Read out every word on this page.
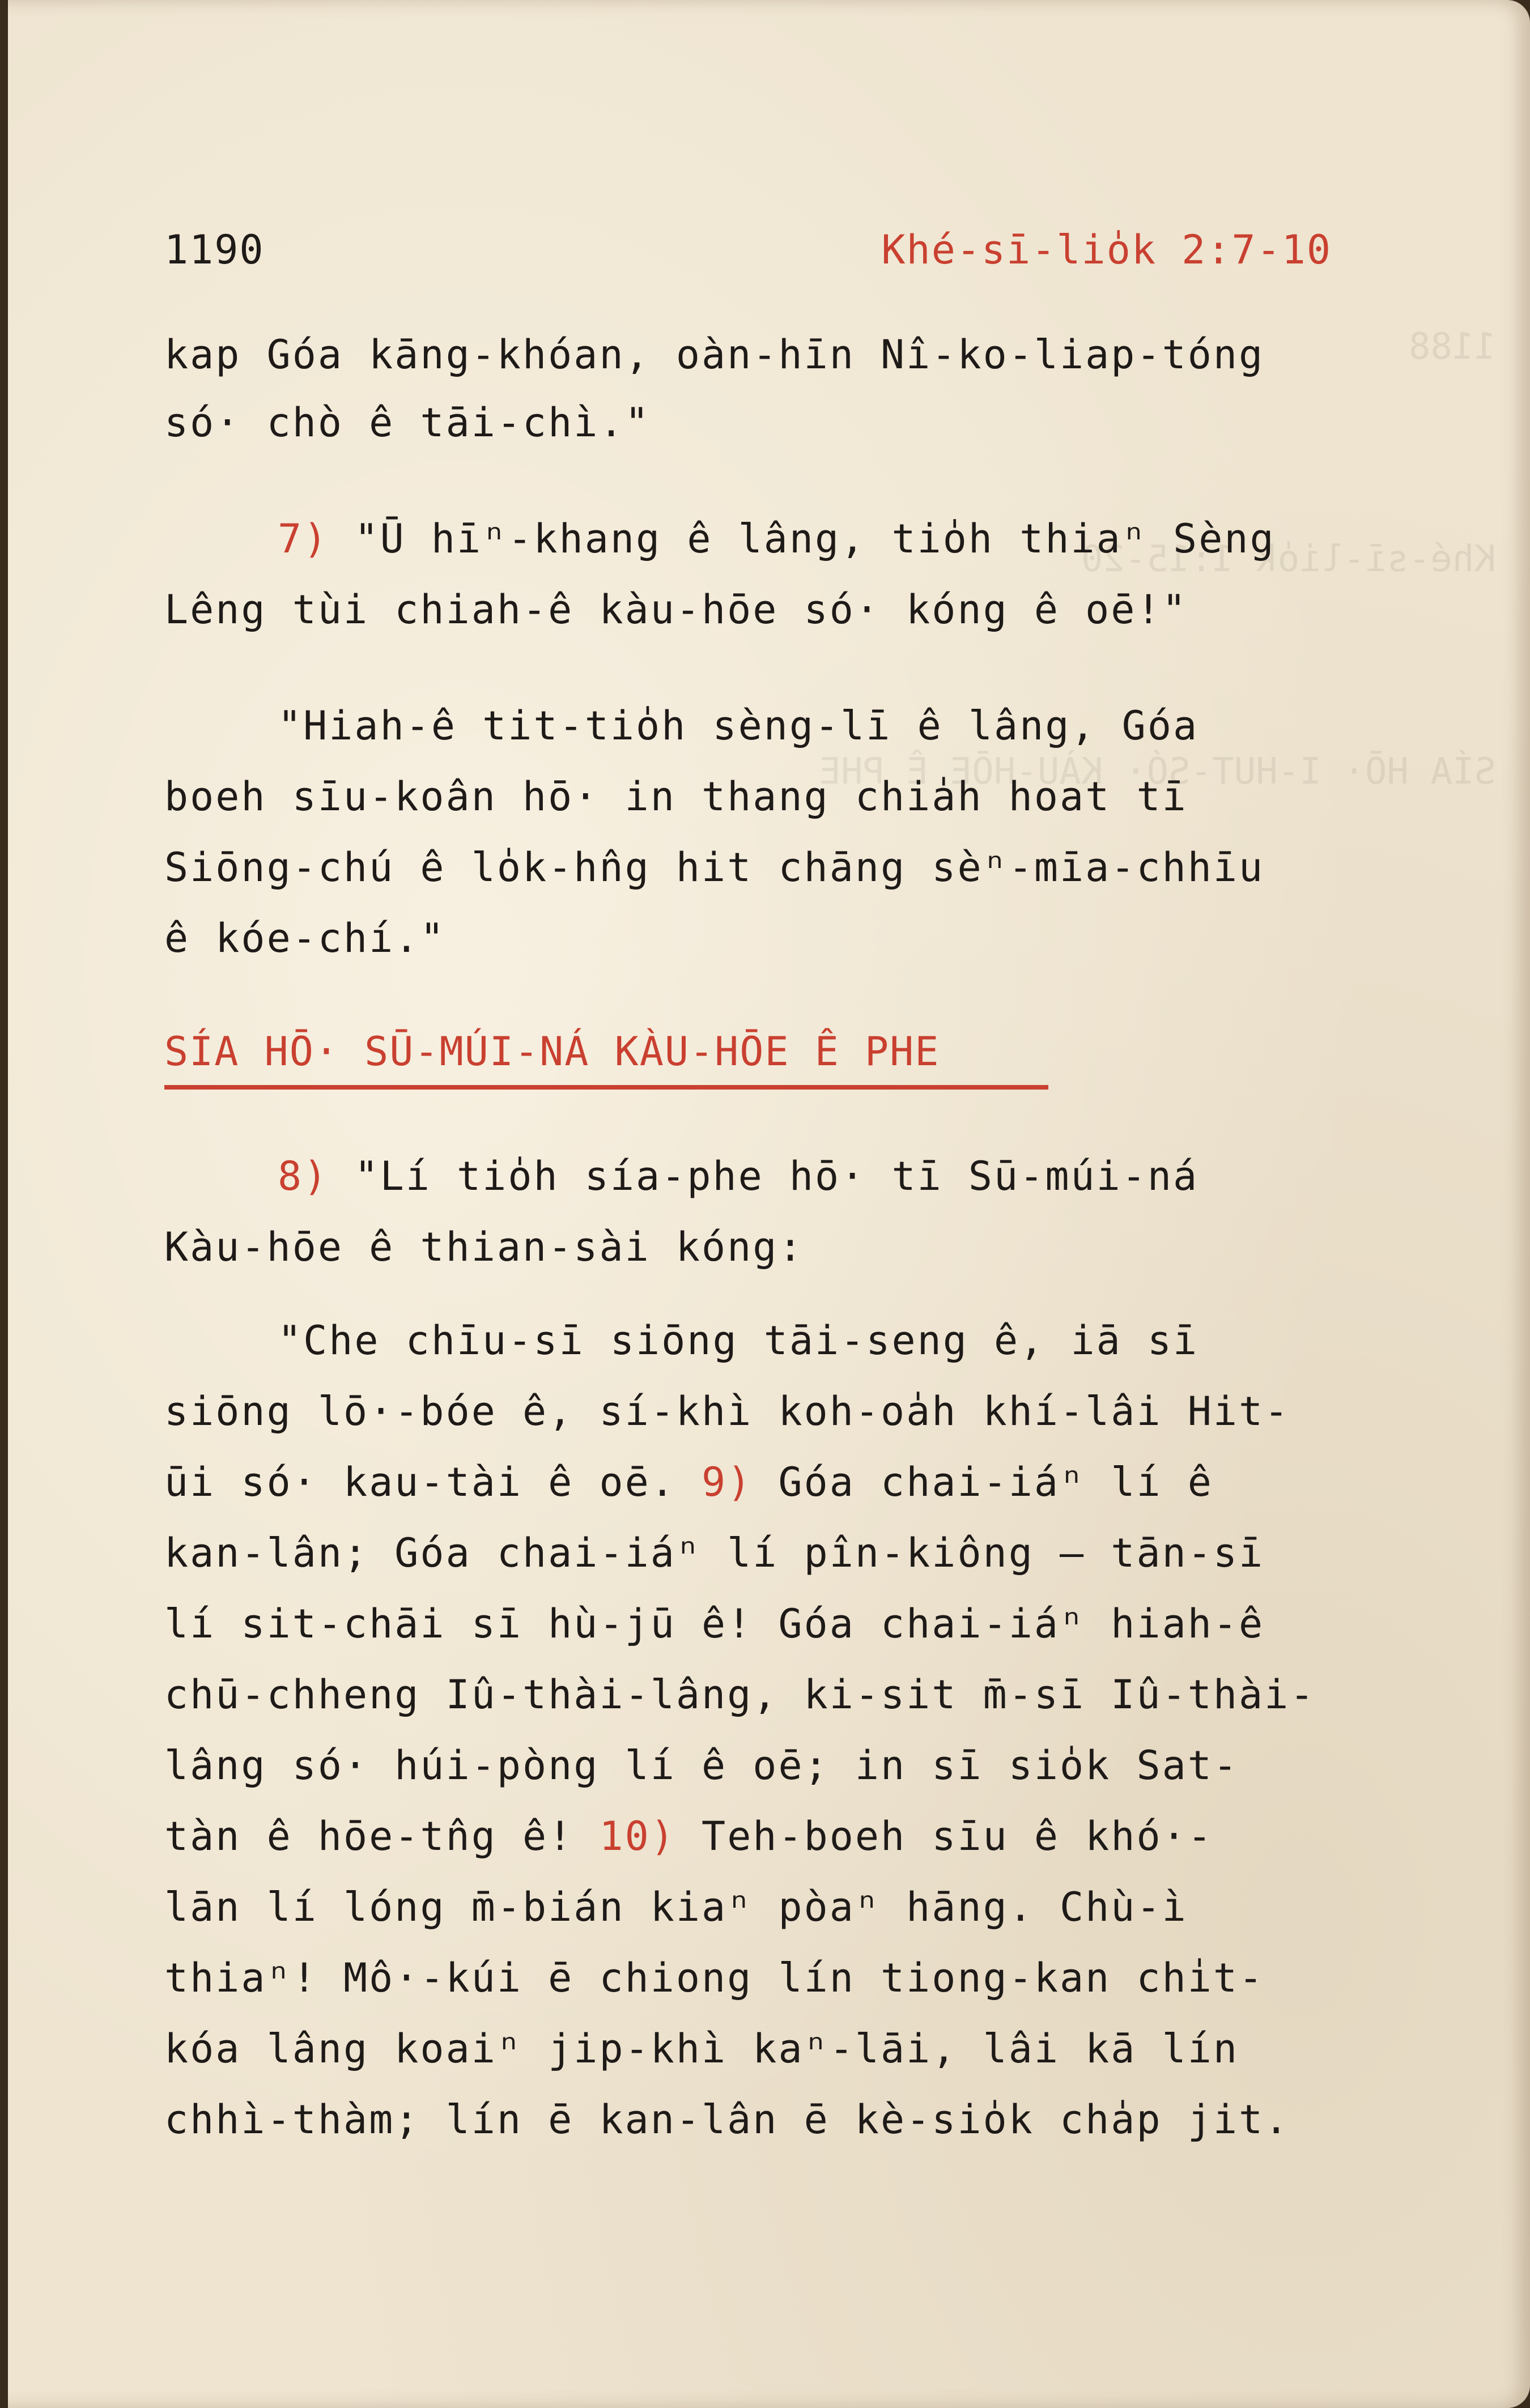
1188

Khé-sī-lio̍k 1:15-20

SÍA HŌ· I-HUT-SÓ· KÀU-HŌE Ê PHE

1190	Khé-sī-lio̍k 2:7-10
kap Góa kāng-khóan, oàn-hīn Nî-ko-liap-tóng
só· chò ê tāi-chì."
7) "Ū hīⁿ-khang ê lâng, tio̍h thiaⁿ Sèng
Lêng tùi chiah-ê kàu-hōe só· kóng ê oē!"
"Hiah-ê tit-tio̍h sèng-lī ê lâng, Góa
boeh sīu-koân hō· in thang chia̍h hoat tī
Siōng-chú ê lo̍k-hn̂g hit chāng sèⁿ-mīa-chhīu
ê kóe-chí."
SÍA HŌ· SŪ-MÚI-NÁ KÀU-HŌE Ê PHE
8) "Lí tio̍h sía-phe hō· tī Sū-múi-ná
Kàu-hōe ê thian-sài kóng:
"Che chīu-sī siōng tāi-seng ê, iā sī
siōng lō·-bóe ê, sí-khì koh-oa̍h khí-lâi Hit-
ūi só· kau-tài ê oē. 9) Góa chai-iáⁿ lí ê
kan-lân; Góa chai-iáⁿ lí pîn-kiông — tān-sī
lí sit-chāi sī hù-jū ê! Góa chai-iáⁿ hiah-ê
chū-chheng Iû-thài-lâng, ki-sit m̄-sī Iû-thài-
lâng só· húi-pòng lí ê oē; in sī sio̍k Sat-
tàn ê hōe-tn̂g ê! 10) Teh-boeh sīu ê khó·-
lān lí lóng m̄-bián kiaⁿ pòaⁿ hāng. Chù-ì
thiaⁿ! Mô·-kúi ē chiong lín tiong-kan chi̍t-
kóa lâng koaiⁿ jip-khì kaⁿ-lāi, lâi kā lín
chhì-thàm; lín ē kan-lân ē kè-sio̍k cha̍p jit.
